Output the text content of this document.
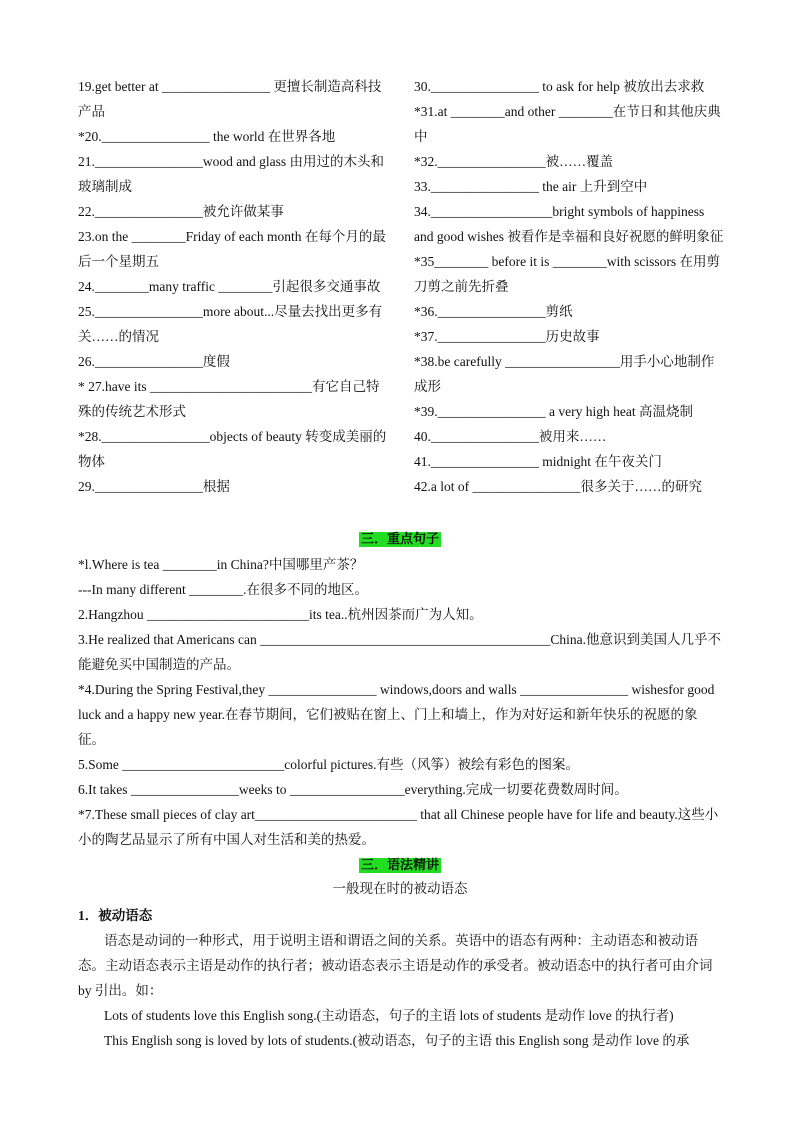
19.get better at ________________ 更擅长制造高科技产品

*20.________________ the world 在世界各地

21.________________wood and glass 由用过的木头和玻璃制成

22.________________被允许做某事

23.on the ________Friday of each month 在每个月的最后一个星期五

24.________many traffic ________引起很多交通事故

25.________________more about...尽量去找出更多有关……的情况

26.________________度假

* 27.have its ________________________有它自己特殊的传统艺术形式

*28.________________objects of beauty 转变成美丽的物体

29.________________根据

30.________________ to ask for help 被放出去求救

*31.at ________and other ________在节日和其他庆典中

*32.________________被……覆盖

33.________________ the air 上升到空中

34.__________________bright symbols of happiness and good wishes 被看作是幸福和良好祝愿的鲜明象征

*35________ before it is ________with scissors 在用剪刀剪之前先折叠

*36.________________剪纸

*37.________________历史故事

*38.be carefully _________________用手小心地制作成形

*39.________________ a very high heat 高温烧制

40.________________被用来……

41.________________ midnight 在午夜关门

42.a lot of ________________很多关于……的研究

三．重点句子

*l.Where is tea ________in China?中国哪里产茶？

---In many different ________.在很多不同的地区。

2.Hangzhou ________________________its tea..杭州因茶而广为人知。

3.He realized that Americans can ___________________________________________China.他意识到美国人几乎不能避免买中国制造的产品。

*4.During the Spring Festival,they ________________ windows,doors and walls ________________ wishesfor good luck and a happy new year.在春节期间，它们被贴在窗上、门上和墙上，作为对好运和新年快乐的祝愿的象征。

5.Some ________________________colorful pictures.有些（风筝）被绘有彩色的图案。

6.It takes ________________weeks to _________________everything.完成一切要花费数周时间。

*7.These small pieces of clay art________________________ that all Chinese people have for life and beauty.这些小小的陶艺品显示了所有中国人对生活和美的热爱。

三．语法精讲
一般现在时的被动语态

1．被动语态

语态是动词的一种形式，用于说明主语和谓语之间的关系。英语中的语态有两种：主动语态和被动语态。主动语态表示主语是动作的执行者；被动语态表示主语是动作的承受者。被动语态中的执行者可由介词 by 引出。如：

Lots of students love this English song.(主动语态，句子的主语 lots of students 是动作 love 的执行者)

This English song is loved by lots of students.(被动语态，句子的主语 this English song 是动作 love 的承
